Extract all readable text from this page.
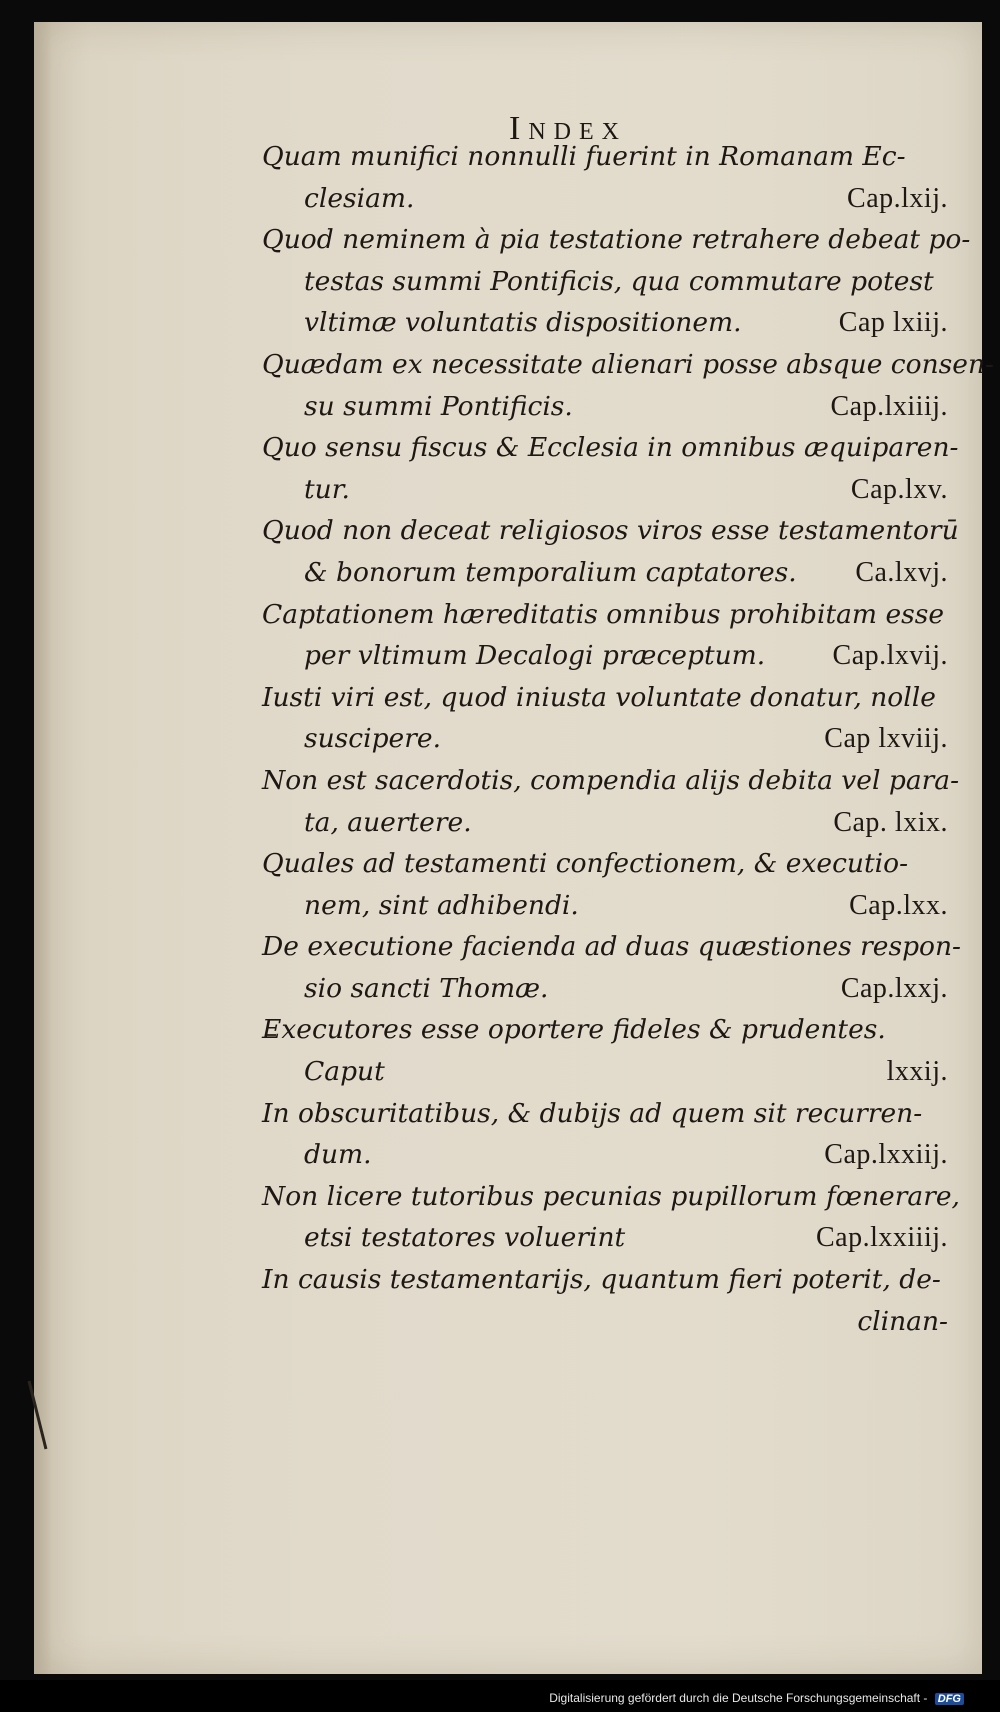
Index
Quam munifici nonnulli fuerint in Romanam Ec-
clesiam.	Cap.lxij.
Quod neminem à pia testatione retrahere debeat po-
testas summi Pontificis, qua commutare potest
vltimæ voluntatis dispositionem.	Cap lxiij.
Quædam ex necessitate alienari posse absque consen-
su summi Pontificis.	Cap.lxiiij.
Quo sensu fiscus & Ecclesia in omnibus æquiparen-
tur.	Cap.lxv.
Quod non deceat religiosos viros esse testamentorū
& bonorum temporalium captatores. Ca.lxvj.
Captationem hæreditatis omnibus prohibitam esse
per vltimum Decalogi præceptum. Cap.lxvij.
Iusti viri est, quod iniusta voluntate donatur, nolle
suscipere.	Cap lxviij.
Non est sacerdotis, compendia alijs debita vel para-
ta, auertere.	Cap. lxix.
Quales ad testamenti confectionem, & executio-
nem, sint adhibendi.	Cap.lxx.
De executione facienda ad duas quæstiones respon-
sio sancti Thomæ.	Cap.lxxj.
Executores esse oportere fideles & prudentes.
Caput	lxxij.
In obscuritatibus, & dubijs ad quem sit recurren-
dum.	Cap.lxxiij.
Non licere tutoribus pecunias pupillorum fœnerare,
etsi testatores voluerint	Cap.lxxiiij.
In causis testamentarijs, quantum fieri poterit, de-
clinan-
Digitalisierung gefördert durch die Deutsche Forschungsgemeinschaft - DFG
